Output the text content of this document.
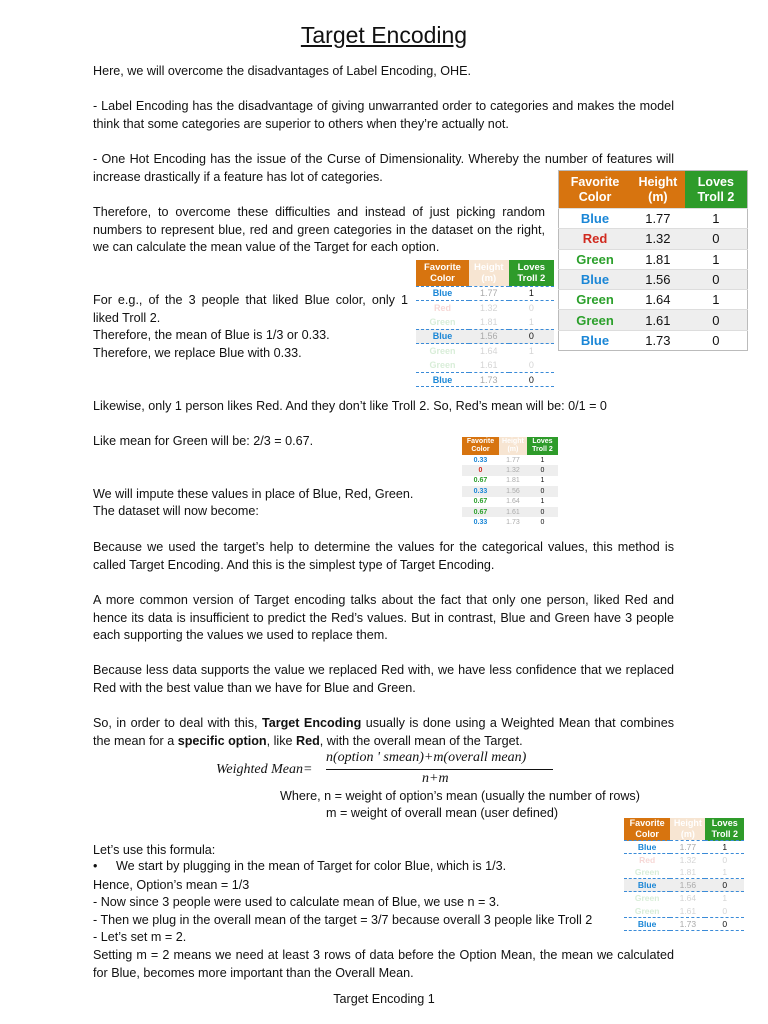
Target Encoding
Here, we will overcome the disadvantages of Label Encoding, OHE.
- Label Encoding has the disadvantage of giving unwarranted order to categories and makes the model think that some categories are superior to others when they’re actually not.
- One Hot Encoding has the issue of the Curse of Dimensionality. Whereby the number of features will increase drastically if a feature has lot of categories.
Therefore, to overcome these difficulties and instead of just picking random numbers to represent blue, red and green categories in the dataset on the right, we can calculate the mean value of the Target for each option.
For e.g., of the 3 people that liked Blue color, only 1 liked Troll 2.
Therefore, the mean of Blue is 1/3 or 0.33.
Therefore, we replace Blue with 0.33.
Likewise, only 1 person likes Red. And they don’t like Troll 2. So, Red’s mean will be: 0/1 = 0
Like mean for Green will be: 2/3 = 0.67.
We will impute these values in place of Blue, Red, Green.
The dataset will now become:
Because we used the target’s help to determine the values for the categorical values, this method is called Target Encoding. And this is the simplest type of Target Encoding.
A more common version of Target encoding talks about the fact that only one person, liked Red and hence its data is insufficient to predict the Red’s values. But in contrast, Blue and Green have 3 people each supporting the values we used to replace them.
Because less data supports the value we replaced Red with, we have less confidence that we replaced Red with the best value than we have for Blue and Green.
So, in order to deal with this, Target Encoding usually is done using a Weighted Mean that combines the mean for a specific option, like Red, with the overall mean of the Target.
Weighted Mean=
n(option ' smean)+m(overall mean)
n+m
Where, n = weight of option’s mean (usually the number of rows)
m = weight of overall mean (user defined)
Let’s use this formula:
• We start by plugging in the mean of Target for color Blue, which is 1/3.
Hence, Option’s mean = 1/3
- Now since 3 people were used to calculate mean of Blue, we use n = 3.
- Then we plug in the overall mean of the target = 3/7 because overall 3 people like Troll 2
- Let’s set m = 2.
Setting m = 2 means we need at least 3 rows of data before the Option Mean, the mean we calculated for Blue, becomes more important than the Overall Mean.
Target Encoding 1
Favorite Color	Height (m)	Loves Troll 2
Blue	1.77	1
Red	1.32	0
Green	1.81	1
Blue	1.56	0
Green	1.64	1
Green	1.61	0
Blue	1.73	0
Favorite Color	Height (m)	Loves Troll 2
Blue	1.77	1
Red	1.32	0
Green	1.81	1
Blue	1.56	0
Green	1.64	1
Green	1.61	0
Blue	1.73	0
Favorite Color	Height (m)	Loves Troll 2
0.33	1.77	1
0	1.32	0
0.67	1.81	1
0.33	1.56	0
0.67	1.64	1
0.67	1.61	0
0.33	1.73	0
Favorite Color	Height (m)	Loves Troll 2
Blue	1.77	1
Red	1.32	0
Green	1.81	1
Blue	1.56	0
Green	1.64	1
Green	1.61	0
Blue	1.73	0
